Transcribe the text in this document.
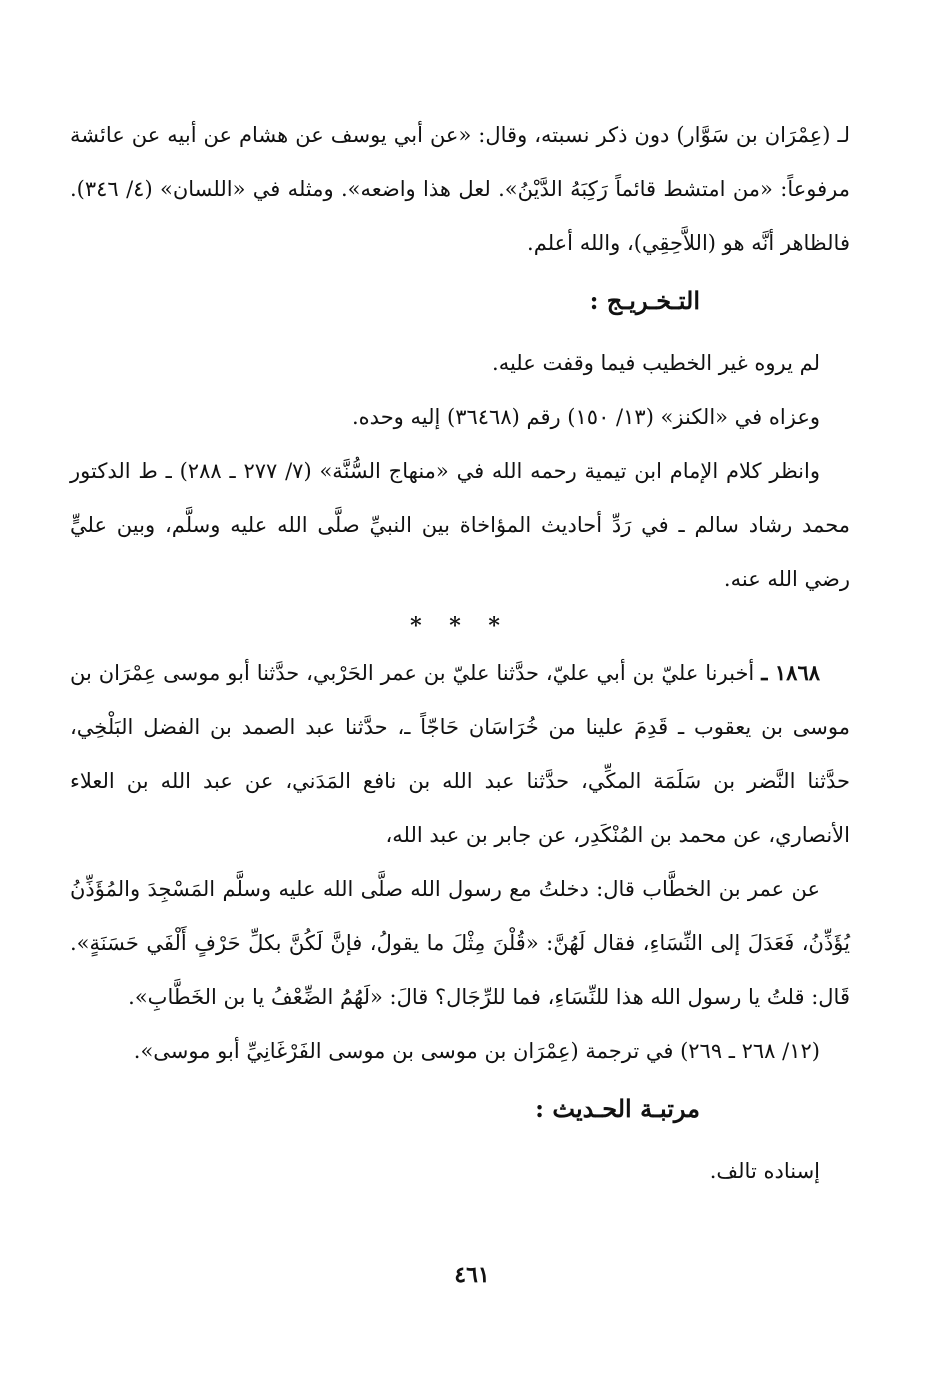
لـ (عِمْرَان بن سَوَّار) دون ذكر نسبته، وقال: «عن أبي يوسف عن هشام عن أبيه عن عائشة مرفوعاً: «من امتشط قائماً رَكِبَهُ الدَّيْنُ». لعل هذا واضعه». ومثله في «اللسان» (٤/ ٣٤٦). فالظاهر أنَّه هو (اللاَّحِقِي)، والله أعلم.

التـخـريـج :

لم يروه غير الخطيب فيما وقفت عليه.

وعزاه في «الكنز» (١٣/ ١٥٠) رقم (٣٦٤٦٨) إليه وحده.

وانظر كلام الإمام ابن تيمية رحمه الله في «منهاج السُّنَّة» (٧/ ٢٧٧ ـ ٢٨٨) ـ ط الدكتور محمد رشاد سالم ـ في رَدِّ أحاديث المؤاخاة بين النبيِّ صلَّى الله عليه وسلَّم، وبين عليٍّ رضي الله عنه.

* * *

١٨٦٨ ـ أخبرنا عليّ بن أبي عليّ، حدَّثنا عليّ بن عمر الحَرْبي، حدَّثنا أبو موسى عِمْرَان بن موسى بن يعقوب ـ قَدِمَ علينا من خُرَاسَان حَاجّاً ـ، حدَّثنا عبد الصمد بن الفضل البَلْخِي، حدَّثنا النَّضر بن سَلَمَة المكِّي، حدَّثنا عبد الله بن نافع المَدَني، عن عبد الله بن العلاء الأنصاري، عن محمد بن المُنْكَدِر، عن جابر بن عبد الله،

عن عمر بن الخطَّاب قال: دخلتُ مع رسول الله صلَّى الله عليه وسلَّم المَسْجِدَ والمُؤَذِّنُ يُؤَذِّنُ، فَعَدَلَ إلى النِّسَاءِ، فقال لَهُنَّ: «قُلْنَ مِثْلَ ما يقولُ، فإنَّ لَكُنَّ بكلِّ حَرْفٍ أَلْفَي حَسَنَةٍ». قَال: قلتُ يا رسول الله هذا للنِّسَاءِ، فما للرِّجَال؟ قالَ: «لَهُمُ الضِّعْفُ يا بن الخَطَّابِ».

(١٢/ ٢٦٨ ـ ٢٦٩) في ترجمة (عِمْرَان بن موسى بن موسى الفَرْغَانِيِّ أبو موسى».

مرتبـة الحـديث :

إسناده تالف.

٤٦١
